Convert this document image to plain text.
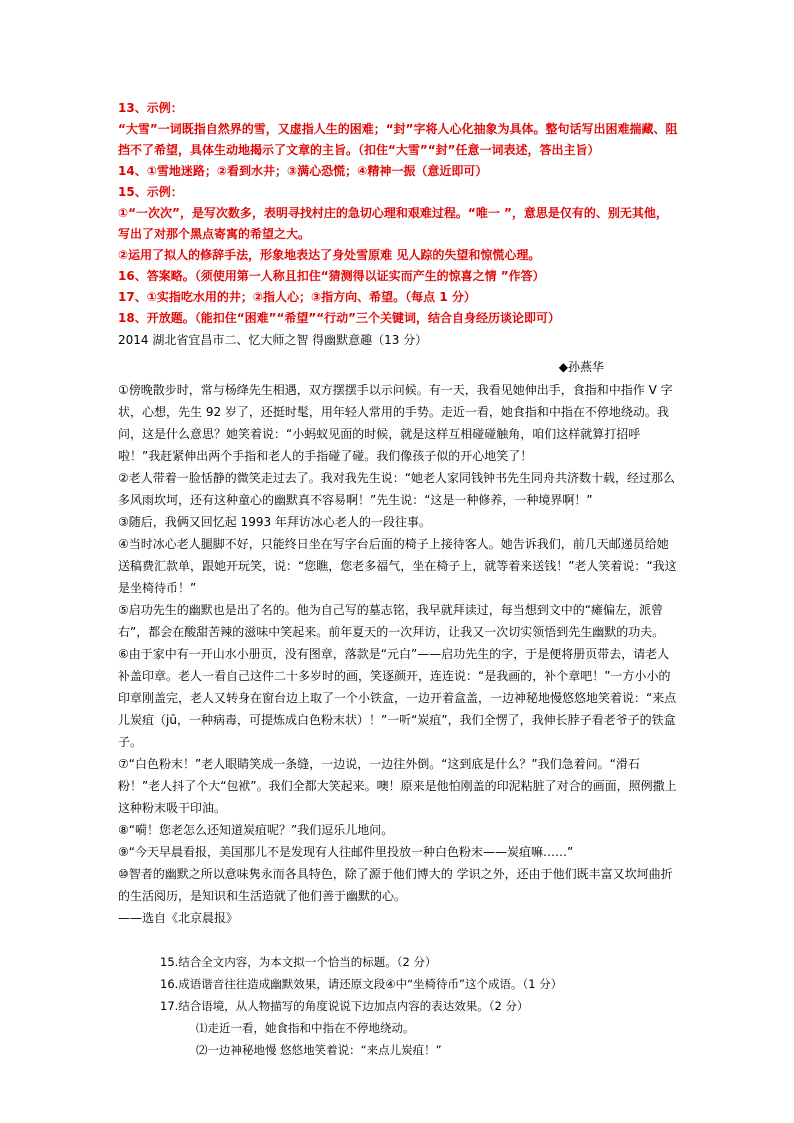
13、示例：

“大雪”一词既指自然界的雪，又虚指人生的困难；“封”字将人心化抽象为具体。整句话写出困难揣藏、阻挡不了希望，具体生动地揭示了文章的主旨。（扣住“大雪”“封”任意一词表述，答出主旨）

14、①雪地迷路；②看到水井；③满心恐慌；④精神一振（意近即可）

15、示例：

①“一次次”，是写次数多，表明寻找村庄的急切心理和艰难过程。“唯一 ”，意思是仅有的、别无其他，写出了对那个黑点寄寓的希望之大。

②运用了拟人的修辞手法，形象地表达了身处雪原难 见人踪的失望和惊慌心理。

16、答案略。（须使用第一人称且扣住“猜测得以证实而产生的惊喜之情 ”作答）

17、①实指吃水用的井；②指人心；③指方向、希望。（每点 1 分）

18、开放题。（能扣住“困难”“希望”“行动”三个关键词，结合自身经历谈论即可）

2014 湖北省宜昌市二、忆大师之智 得幽默意趣（13 分）

◆孙燕华

①傍晚散步时，常与杨绛先生相遇，双方摆摆手以示问候。有一天，我看见她伸出手，食指和中指作 V 字状，心想，先生 92 岁了，还挺时髦，用年轻人常用的手势。走近一看，她食指和中指在不停地绕动。我问，这是什么意思？她笑着说：“小蚂蚁见面的时候，就是这样互相碰碰触角，咱们这样就算打招呼啦！”我赶紧伸出两个手指和老人的手指碰了碰。我们像孩子似的开心地笑了！

②老人带着一脸恬静的微笑走过去了。我对我先生说：“她老人家同钱钟书先生同舟共济数十载，经过那么多风雨坎坷，还有这种童心的幽默真不容易啊！”先生说：“这是一种修养，一种境界啊！”

③随后，我俩又回忆起 1993 年拜访冰心老人的一段往事。

④当时冰心老人腿脚不好，只能终日坐在写字台后面的椅子上接待客人。她告诉我们，前几天邮递员给她送稿费汇款单，跟她开玩笑，说：“您瞧，您老多福气，坐在椅子上，就等着来送钱！”老人笑着说：“我这是坐椅待币！”

⑤启功先生的幽默也是出了名的。他为自己写的墓志铭，我早就拜读过，每当想到文中的“瘫偏左，派曾右”，都会在酸甜苦辣的滋味中笑起来。前年夏天的一次拜访，让我又一次切实领悟到先生幽默的功夫。

⑥由于家中有一开山水小册页，没有图章，落款是“元白”——启功先生的字，于是便将册页带去，请老人补盖印章。老人一看自己这件二十多岁时的画，笑逐颜开，连连说：“是我画的，补个章吧！”一方小小的印章刚盖完，老人又转身在窗台边上取了一个小铁盒，一边开着盒盖，一边神秘地慢悠悠地笑着说：“来点儿炭疽（jū，一种病毒，可提炼成白色粉末状）！”一听“炭疽”，我们全愣了，我伸长脖子看老爷子的铁盒子。

⑦“白色粉末！”老人眼睛笑成一条缝，一边说，一边往外倒。“这到底是什么？”我们急着问。“滑石粉！”老人抖了个大“包袱”。我们全都大笑起来。噢！原来是他怕刚盖的印泥粘脏了对合的画面，照例撒上这种粉末吸干印油。

⑧“嗬！您老怎么还知道炭疽呢？”我们逗乐儿地问。

⑨“今天早晨看报，美国那儿不是发现有人往邮件里投放一种白色粉末——炭疽嘛……”

⑩智者的幽默之所以意味隽永而各具特色，除了源于他们博大的 学识之外，还由于他们既丰富又坎坷曲折的生活阅历，是知识和生活造就了他们善于幽默的心。

——选自《北京晨报》

15.结合全文内容，为本文拟一个恰当的标题。（2 分）

16.成语谐音往往造成幽默效果，请还原文段④中“坐椅待币”这个成语。（1 分）

17.结合语境，从人物描写的角度说说下边加点内容的表达效果。（2 分）

⑴走近一看，她食指和中指在不停地绕动。

⑵一边神秘地慢 悠悠地笑着说：“来点儿炭疽！”
